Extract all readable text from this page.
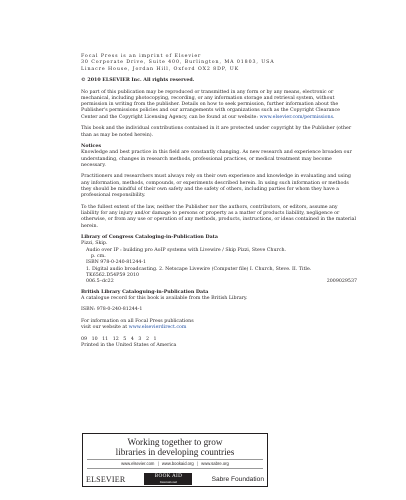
Focal Press is an imprint of Elsevier

30 Corporate Drive, Suite 400, Burlington, MA 01803, USA

Linacre House, Jordan Hill, Oxford OX2 8DP, UK

© 2010 ELSEVIER Inc. All rights reserved.

No part of this publication may be reproduced or transmitted in any form or by any means, electronic or mechanical, including photocopying, recording, or any information storage and retrieval system, without permission in writing from the publisher. Details on how to seek permission, further information about the Publisher's permissions policies and our arrangements with organizations such as the Copyright Clearance Center and the Copyright Licensing Agency, can be found at our website: www.elsevier.com/permissions.

This book and the individual contributions contained in it are protected under copyright by the Publisher (other than as may be noted herein).

Notices

Knowledge and best practice in this field are constantly changing. As new research and experience broaden our understanding, changes in research methods, professional practices, or medical treatment may become necessary.

Practitioners and researchers must always rely on their own experience and knowledge in evaluating and using any information, methods, compounds, or experiments described herein. In using such information or methods they should be mindful of their own safety and the safety of others, including parties for whom they have a professional responsibility.

To the fullest extent of the law, neither the Publisher nor the authors, contributors, or editors, assume any liability for any injury and/or damage to persons or property as a matter of products liability, negligence or otherwise, or from any use or operation of any methods, products, instructions, or ideas contained in the material herein.

Library of Congress Cataloging-in-Publication Data

Pizzi, Skip.

Audio over IP : building pro AoIP systems with Livewire / Skip Pizzi, Steve Church.

p. cm.

ISBN 978-0-240-81244-1

1. Digital audio broadcasting. 2. Netscape Livewire (Computer file) I. Church, Steve. II. Title.

TK6562.D54P59 2010

006.5–dc22	2009029537

British Library Cataloguing-in-Publication Data

A catalogue record for this book is available from the British Library.

ISBN: 978-0-240-81244-1

For information on all Focal Press publications

visit our website at www.elsevierdirect.com

09   10   11   12   5   4   3   2   1

Printed in the United States of America

Working together to grow
libraries in developing countries
www.elsevier.com | www.bookaid.org | www.sabre.org
ELSEVIER	BOOK AID
International	Sabre Foundation
